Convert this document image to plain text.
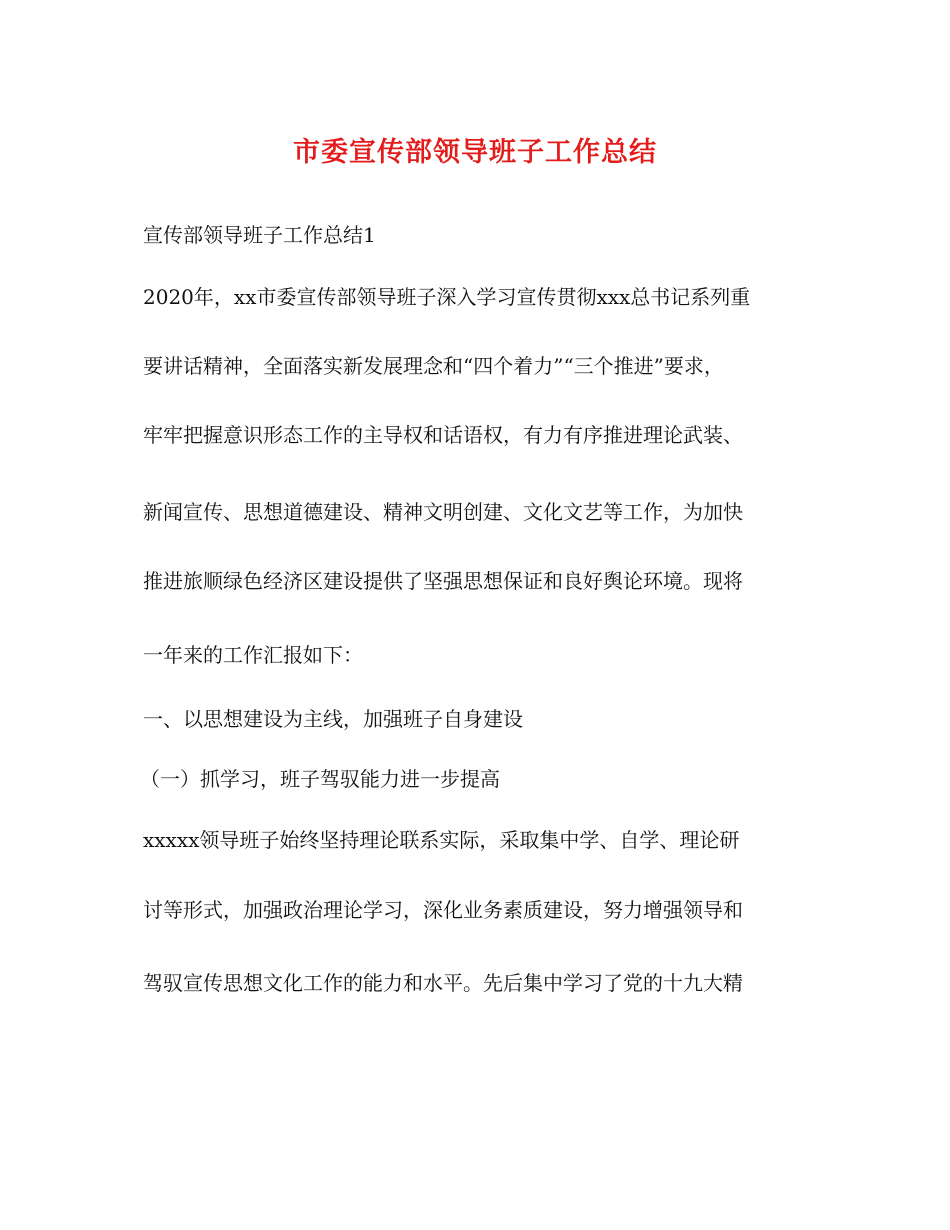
市委宣传部领导班子工作总结
宣传部领导班子工作总结1
2020年，xx市委宣传部领导班子深入学习宣传贯彻xxx总书记系列重
要讲话精神，全面落实新发展理念和“四个着力”“三个推进”要求，
牢牢把握意识形态工作的主导权和话语权，有力有序推进理论武装、
新闻宣传、思想道德建设、精神文明创建、文化文艺等工作，为加快
推进旅顺绿色经济区建设提供了坚强思想保证和良好舆论环境。现将
一年来的工作汇报如下：
一、以思想建设为主线，加强班子自身建设
（一）抓学习，班子驾驭能力进一步提高
xxxxx领导班子始终坚持理论联系实际，采取集中学、自学、理论研
讨等形式，加强政治理论学习，深化业务素质建设，努力增强领导和
驾驭宣传思想文化工作的能力和水平。先后集中学习了党的十九大精
